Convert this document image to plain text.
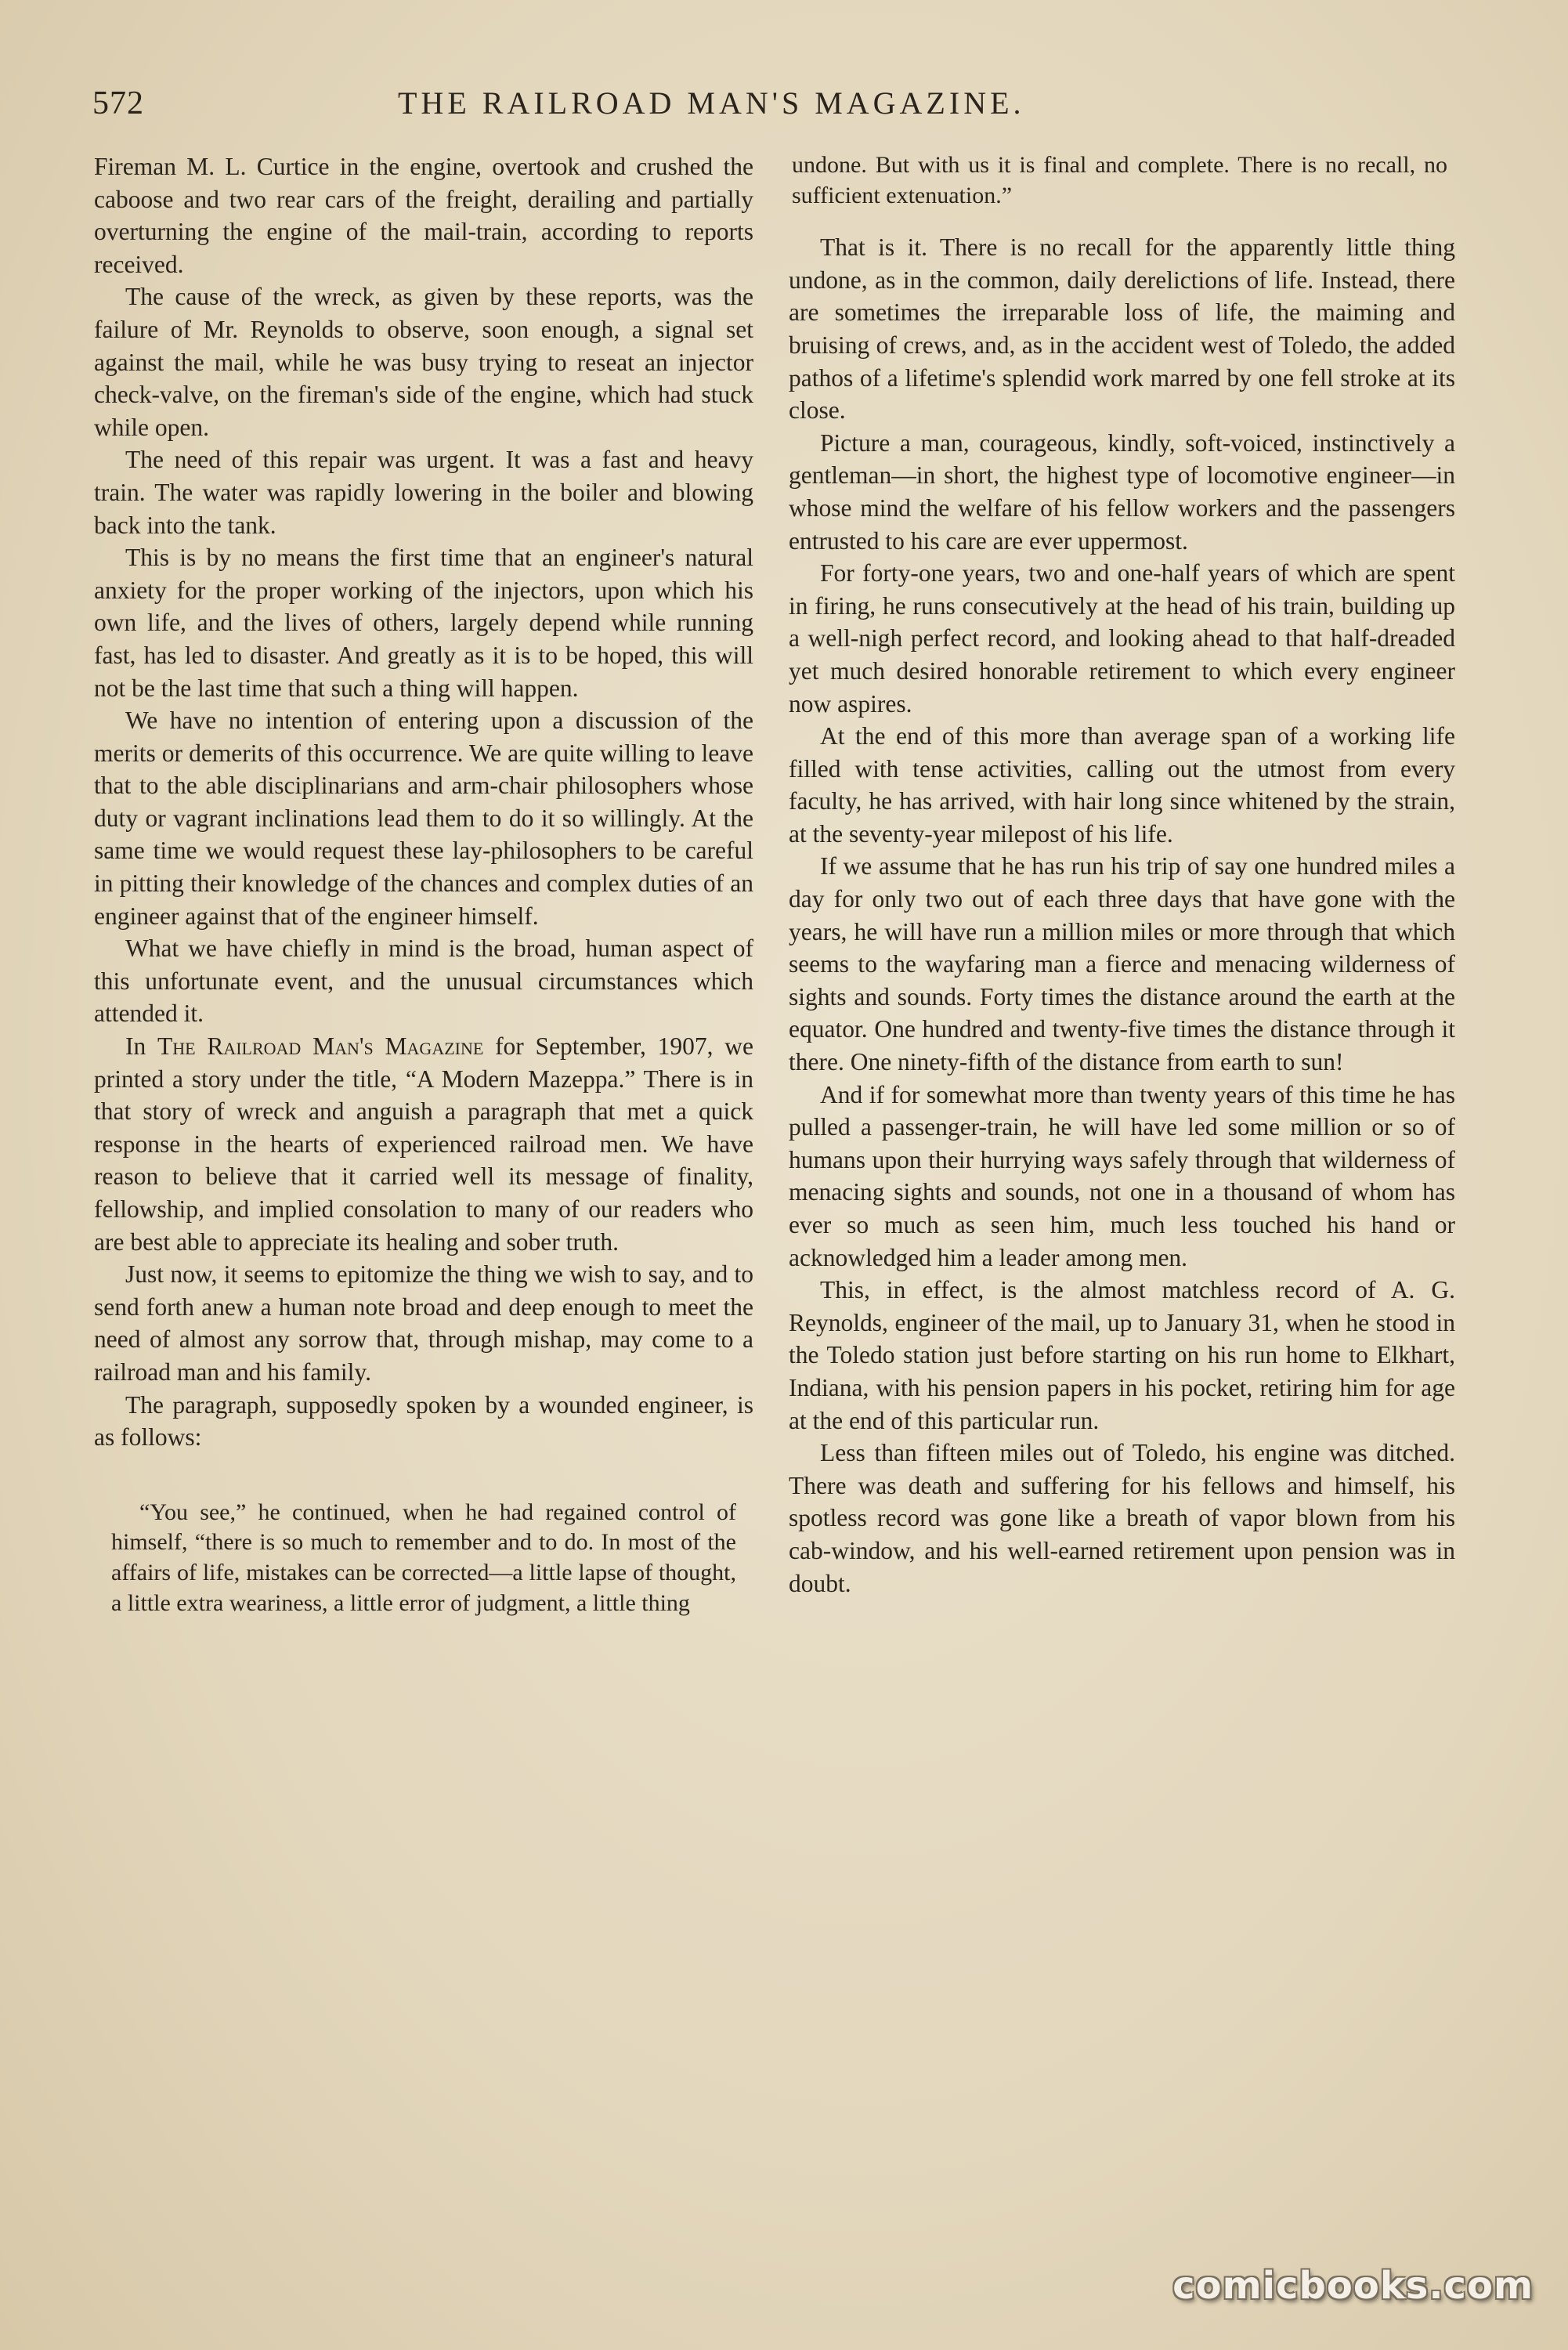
572	THE RAILROAD MAN'S MAGAZINE.

Fireman M. L. Curtice in the engine, overtook and crushed the caboose and two rear cars of the freight, derailing and partially overturning the engine of the mail-train, according to reports received.

The cause of the wreck, as given by these reports, was the failure of Mr. Reynolds to observe, soon enough, a signal set against the mail, while he was busy trying to reseat an injector check-valve, on the fireman's side of the engine, which had stuck while open.

The need of this repair was urgent. It was a fast and heavy train. The water was rapidly lowering in the boiler and blowing back into the tank.

This is by no means the first time that an engineer's natural anxiety for the proper working of the injectors, upon which his own life, and the lives of others, largely depend while running fast, has led to disaster. And greatly as it is to be hoped, this will not be the last time that such a thing will happen.

We have no intention of entering upon a discussion of the merits or demerits of this occurrence. We are quite willing to leave that to the able disciplinarians and arm-chair philosophers whose duty or vagrant inclinations lead them to do it so willingly. At the same time we would request these lay-philosophers to be careful in pitting their knowledge of the chances and complex duties of an engineer against that of the engineer himself.

What we have chiefly in mind is the broad, human aspect of this unfortunate event, and the unusual circumstances which attended it.

In The Railroad Man's Magazine for September, 1907, we printed a story under the title, “A Modern Mazeppa.” There is in that story of wreck and anguish a paragraph that met a quick response in the hearts of experienced railroad men. We have reason to believe that it carried well its message of finality, fellowship, and implied consolation to many of our readers who are best able to appreciate its healing and sober truth.

Just now, it seems to epitomize the thing we wish to say, and to send forth anew a human note broad and deep enough to meet the need of almost any sorrow that, through mishap, may come to a railroad man and his family.

The paragraph, supposedly spoken by a wounded engineer, is as follows:

“You see,” he continued, when he had regained control of himself, “there is so much to remember and to do. In most of the affairs of life, mistakes can be corrected—a little lapse of thought, a little extra weariness, a little error of judgment, a little thing

undone. But with us it is final and complete. There is no recall, no sufficient extenuation.”

That is it. There is no recall for the apparently little thing undone, as in the common, daily derelictions of life. Instead, there are sometimes the irreparable loss of life, the maiming and bruising of crews, and, as in the accident west of Toledo, the added pathos of a lifetime's splendid work marred by one fell stroke at its close.

Picture a man, courageous, kindly, soft-voiced, instinctively a gentleman—in short, the highest type of locomotive engineer—in whose mind the welfare of his fellow workers and the passengers entrusted to his care are ever uppermost.

For forty-one years, two and one-half years of which are spent in firing, he runs consecutively at the head of his train, building up a well-nigh perfect record, and looking ahead to that half-dreaded yet much desired honorable retirement to which every engineer now aspires.

At the end of this more than average span of a working life filled with tense activities, calling out the utmost from every faculty, he has arrived, with hair long since whitened by the strain, at the seventy-year milepost of his life.

If we assume that he has run his trip of say one hundred miles a day for only two out of each three days that have gone with the years, he will have run a million miles or more through that which seems to the wayfaring man a fierce and menacing wilderness of sights and sounds. Forty times the distance around the earth at the equator. One hundred and twenty-five times the distance through it there. One ninety-fifth of the distance from earth to sun!

And if for somewhat more than twenty years of this time he has pulled a passenger-train, he will have led some million or so of humans upon their hurrying ways safely through that wilderness of menacing sights and sounds, not one in a thousand of whom has ever so much as seen him, much less touched his hand or acknowledged him a leader among men.

This, in effect, is the almost matchless record of A. G. Reynolds, engineer of the mail, up to January 31, when he stood in the Toledo station just before starting on his run home to Elkhart, Indiana, with his pension papers in his pocket, retiring him for age at the end of this particular run.

Less than fifteen miles out of Toledo, his engine was ditched. There was death and suffering for his fellows and himself, his spotless record was gone like a breath of vapor blown from his cab-window, and his well-earned retirement upon pension was in doubt.

comicbooks.com
